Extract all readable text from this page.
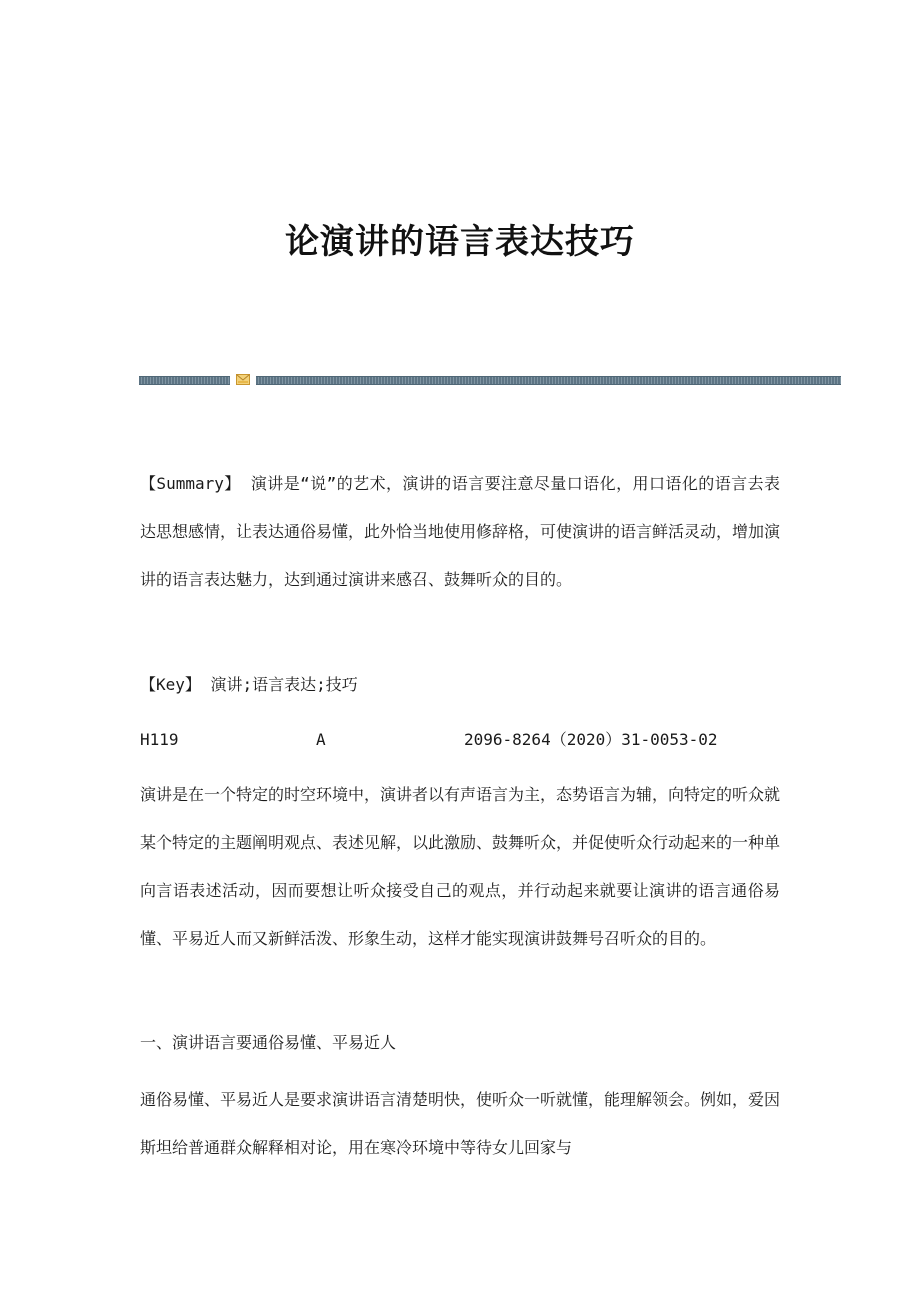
论演讲的语言表达技巧

【Summary】 演讲是“说”的艺术，演讲的语言要注意尽量口语化，用口语化的语言去表达思想感情，让表达通俗易懂，此外恰当地使用修辞格，可使演讲的语言鲜活灵动，增加演讲的语言表达魅力，达到通过演讲来感召、鼓舞听众的目的。

【Key】 演讲;语言表达;技巧

H119	A	2096-8264（2020）31-0053-02

演讲是在一个特定的时空环境中，演讲者以有声语言为主，态势语言为辅，向特定的听众就某个特定的主题阐明观点、表述见解，以此激励、鼓舞听众，并促使听众行动起来的一种单向言语表述活动，因而要想让听众接受自己的观点，并行动起来就要让演讲的语言通俗易懂、平易近人而又新鲜活泼、形象生动，这样才能实现演讲鼓舞号召听众的目的。

一、演讲语言要通俗易懂、平易近人

通俗易懂、平易近人是要求演讲语言清楚明快，使听众一听就懂，能理解领会。例如，爱因斯坦给普通群众解释相对论，用在寒冷环境中等待女儿回家与
